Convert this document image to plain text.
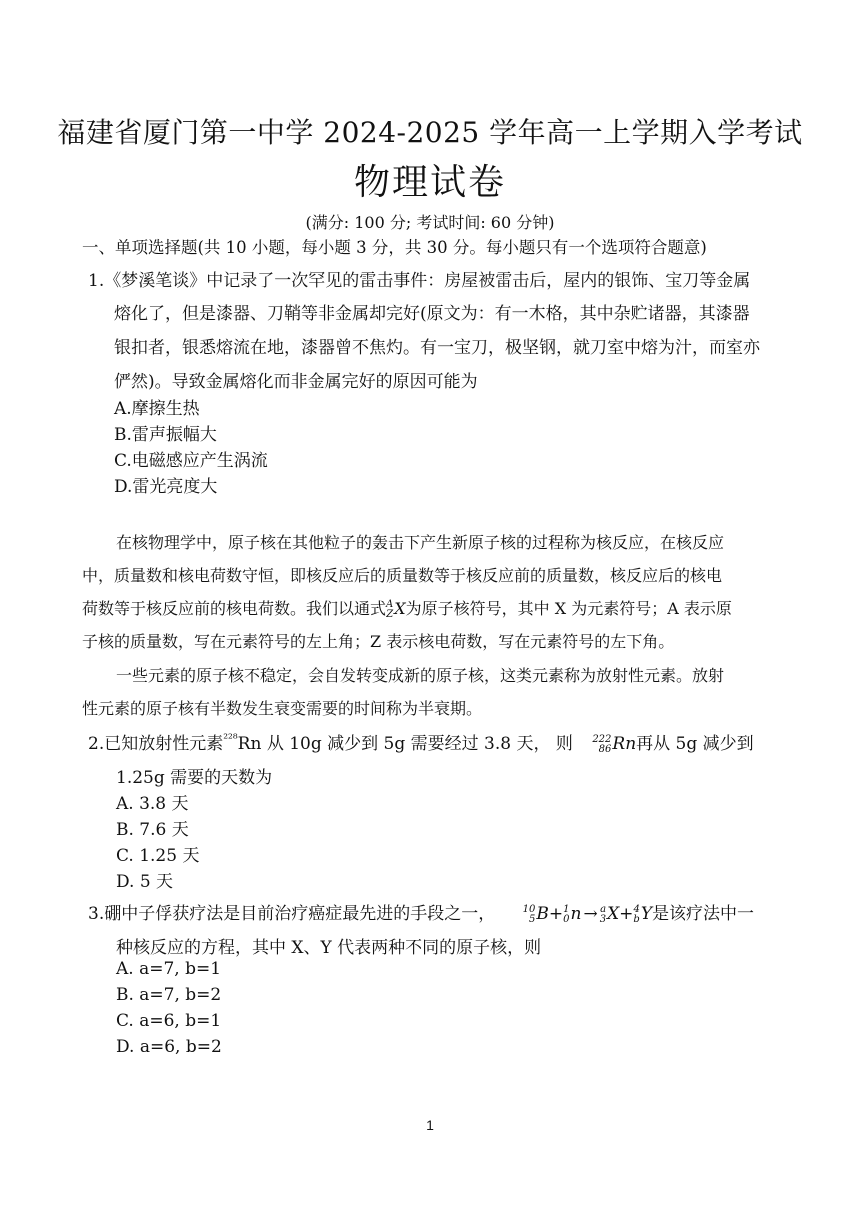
福建省厦门第一中学 2024-2025 学年高一上学期入学考试
物理试卷
(满分: 100 分; 考试时间: 60 分钟)
一、单项选择题(共 10 小题，每小题 3 分，共 30 分。每小题只有一个选项符合题意)
1.《梦溪笔谈》中记录了一次罕见的雷击事件：房屋被雷击后，屋内的银饰、宝刀等金属
熔化了，但是漆器、刀鞘等非金属却完好(原文为：有一木格，其中杂贮诸器，其漆器
银扣者，银悉熔流在地，漆器曾不焦灼。有一宝刀，极坚钢，就刀室中熔为汁，而室亦
俨然)。导致金属熔化而非金属完好的原因可能为
A.摩擦生热
B.雷声振幅大
C.电磁感应产生涡流
D.雷光亮度大
在核物理学中，原子核在其他粒子的轰击下产生新原子核的过程称为核反应，在核反应
中，质量数和核电荷数守恒，即核反应后的质量数等于核反应前的质量数，核反应后的核电
荷数等于核反应前的核电荷数。我们以通式 A
Z X为原子核符号，其中 X 为元素符号；A 表示原
子核的质量数，写在元素符号的左上角；Z 表示核电荷数，写在元素符号的左下角。
一些元素的原子核不稳定，会自发转变成新的原子核，这类元素称为放射性元素。放射
性元素的原子核有半数发生衰变需要的时间称为半衰期。
2.已知放射性元素$^{^{228}}$Rn 从 10g 减少到 5g 需要经过 3.8 天， 则 222
86 Rn再从 5g 减少到
1.25g 需要的天数为
A. 3.8 天
B. 7.6 天
C. 1.25 天
D. 5 天
3.硼中子俘获疗法是目前治疗癌症最先进的手段之一，	10
5 B+ 1
0 n → a
3 X+ 4
b Y是该疗法中一
种核反应的方程，其中 X、Y 代表两种不同的原子核，则
A. a=7, b=1
B. a=7, b=2
C. a=6, b=1
D. a=6, b=2
1
